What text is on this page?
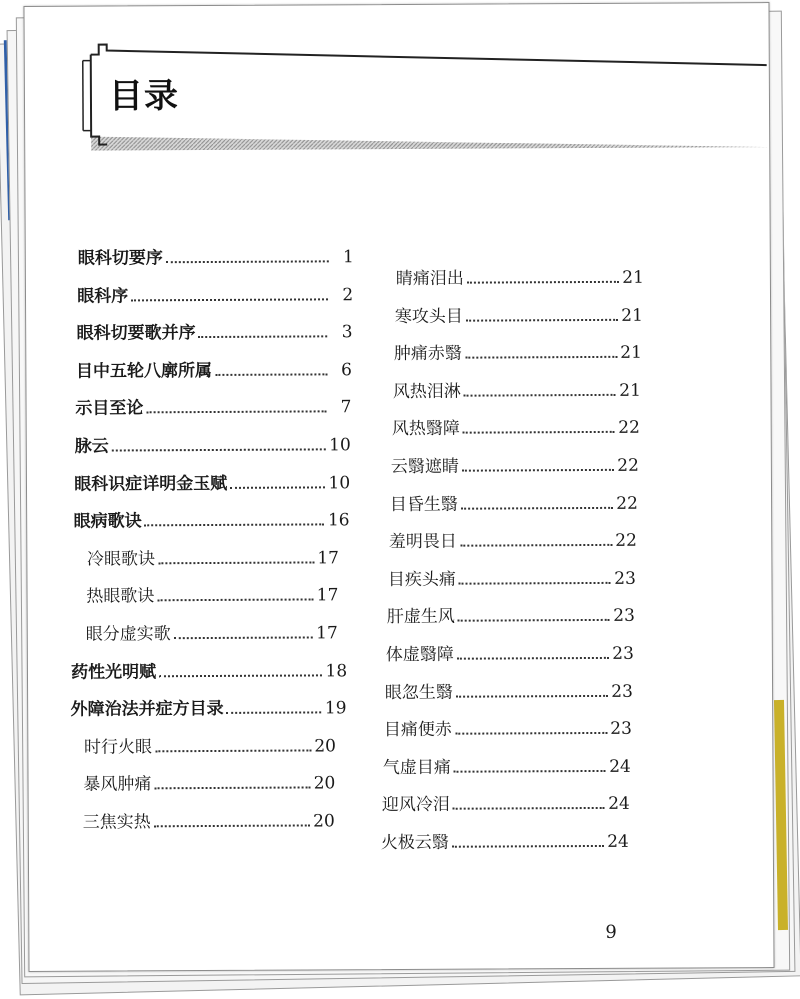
目录
眼科切要序	1
眼科序	2
眼科切要歌并序	3
目中五轮八廓所属	6
示目至论	7
脉云	10
眼科识症详明金玉赋	10
眼病歌诀	16
冷眼歌诀	17
热眼歌诀	17
眼分虚实歌	17
药性光明赋	18
外障治法并症方目录	19
时行火眼	20
暴风肿痛	20
三焦实热	20
睛痛泪出	21
寒攻头目	21
肿痛赤翳	21
风热泪淋	21
风热翳障	22
云翳遮睛	22
目昏生翳	22
羞明畏日	22
目疾头痛	23
肝虚生风	23
体虚翳障	23
眼忽生翳	23
目痛便赤	23
气虚目痛	24
迎风冷泪	24
火极云翳	24
9
